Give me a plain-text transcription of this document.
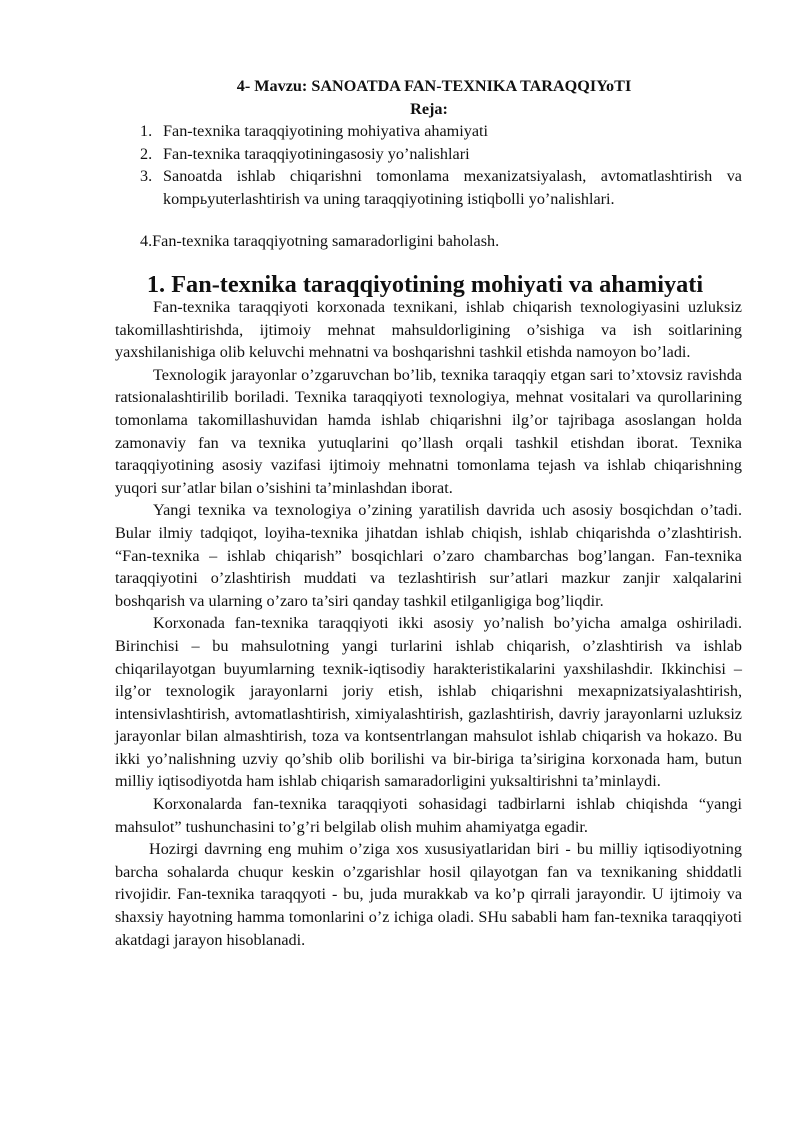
4- Mavzu: SANOATDA FAN-TEXNIKA TARAQQIYoTI
Reja:
1. Fan-texnika taraqqiyotining mohiyativa ahamiyati
2. Fan-texnika taraqqiyotiningasosiy yo’nalishlari
3. Sanoatda ishlab chiqarishni tomonlama mexanizatsiyalash, avtomatlashtirish va kompьyuterlashtirish va uning taraqqiyotining istiqbolli yo’nalishlari.
4.Fan-texnika taraqqiyotning samaradorligini baholash.
1. Fan-texnika taraqqiyotining mohiyati va ahamiyati

Fan-texnika taraqqiyoti korxonada texnikani, ishlab chiqarish texnologiyasini uzluksiz takomillashtirishda, ijtimoiy mehnat mahsuldorligining o’sishiga va ish soitlarining yaxshilanishiga olib keluvchi mehnatni va boshqarishni tashkil etishda namoyon bo’ladi.

Texnologik jarayonlar o’zgaruvchan bo’lib, texnika taraqqiy etgan sari to’xtovsiz ravishda ratsionalashtirilib boriladi. Texnika taraqqiyoti texnologiya, mehnat vositalari va qurollarining tomonlama takomillashuvidan hamda ishlab chiqarishni ilg’or tajribaga asoslangan holda zamonaviy fan va texnika yutuqlarini qo’llash orqali tashkil etishdan iborat. Texnika taraqqiyotining asosiy vazifasi ijtimoiy mehnatni tomonlama tejash va ishlab chiqarishning yuqori sur’atlar bilan o’sishini ta’minlashdan iborat.

Yangi texnika va texnologiya o’zining yaratilish davrida uch asosiy bosqichdan o’tadi. Bular ilmiy tadqiqot, loyiha-texnika jihatdan ishlab chiqish, ishlab chiqarishda o’zlashtirish. “Fan-texnika – ishlab chiqarish” bosqichlari o’zaro chambarchas bog’langan. Fan-texnika taraqqiyotini o’zlashtirish muddati va tezlashtirish sur’atlari mazkur zanjir xalqalarini boshqarish va ularning o’zaro ta’siri qanday tashkil etilganligiga bog’liqdir.

Korxonada fan-texnika taraqqiyoti ikki asosiy yo’nalish bo’yicha amalga oshiriladi. Birinchisi – bu mahsulotning yangi turlarini ishlab chiqarish, o’zlashtirish va ishlab chiqarilayotgan buyumlarning texnik-iqtisodiy harakteristikalarini yaxshilashdir. Ikkinchisi – ilg’or texnologik jarayonlarni joriy etish, ishlab chiqarishni mexapnizatsiyalashtirish, intensivlashtirish, avtomatlashtirish, ximiyalashtirish, gazlashtirish, davriy jarayonlarni uzluksiz jarayonlar bilan almashtirish, toza va kontsentrlangan mahsulot ishlab chiqarish va hokazo. Bu ikki yo’nalishning uzviy qo’shib olib borilishi va bir-biriga ta’sirigina korxonada ham, butun milliy iqtisodiyotda ham ishlab chiqarish samaradorligini yuksaltirishni ta’minlaydi.

Korxonalarda fan-texnika taraqqiyoti sohasidagi tadbirlarni ishlab chiqishda “yangi mahsulot” tushunchasini to’g’ri belgilab olish muhim ahamiyatga egadir.

Hozirgi davrning eng muhim o’ziga xos xususiyatlaridan biri - bu milliy iqtisodiyotning barcha sohalarda chuqur keskin o’zgarishlar hosil qilayotgan fan va texnikaning shiddatli rivojidir. Fan-texnika taraqqyoti - bu, juda murakkab va ko’p qirrali jarayondir. U ijtimoiy va shaxsiy hayotning hamma tomonlarini o’z ichiga oladi. SHu sababli ham fan-texnika taraqqiyoti akatdagi jarayon hisoblanadi.
